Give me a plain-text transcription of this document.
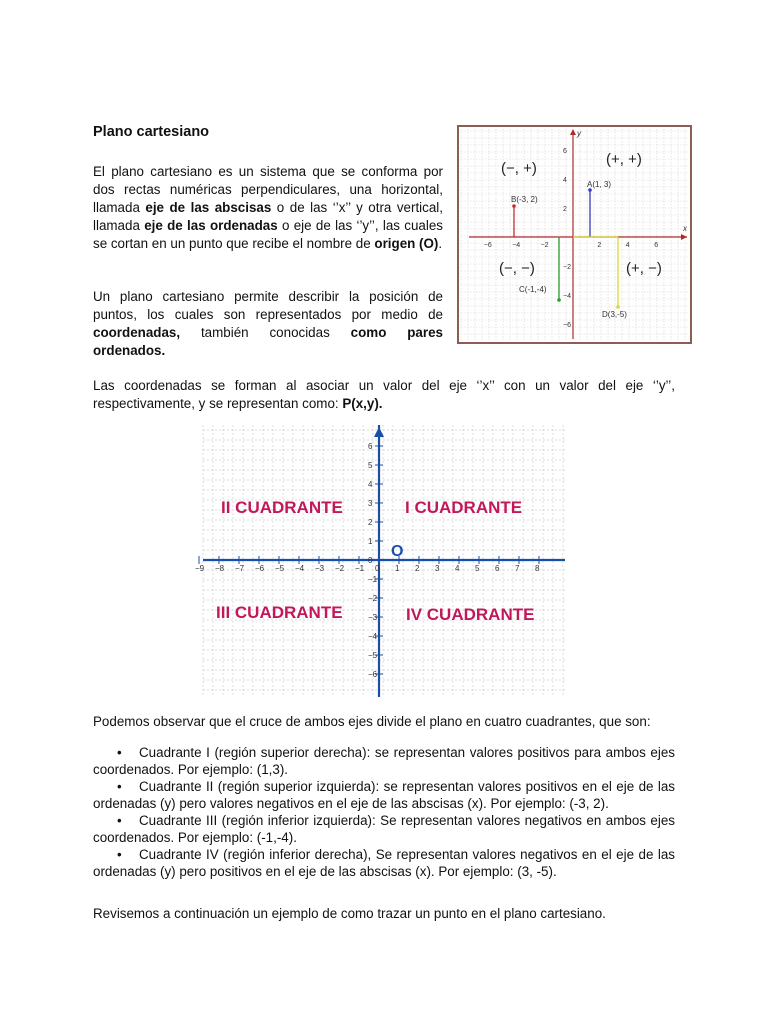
Plano cartesiano
El plano cartesiano es un sistema que se conforma por dos rectas numéricas perpendiculares, una horizontal, llamada eje de las abscisas o de las ‘’x’’ y otra vertical, llamada eje de las ordenadas o eje de las ‘’y’’, las cuales se cortan en un punto que recibe el nombre de origen (O).
Un plano cartesiano permite describir la posición de puntos, los cuales son representados por medio de coordenadas, también conocidas como pares ordenados.
x
y
−6	−4	−2	2	4	6
6
4
2
−2
−4
−6
B(-3, 2)
A(1, 3)
C(-1,-4)
D(3,-5)
(−, +)
(+, +)
(−, −)	(+, −)
Las coordenadas se forman al asociar un valor del eje ‘’x’’ con un valor del eje ‘’y’’, respectivamente, y se representan como: P(x,y).
−9 −8 −7 −6 −5 −4 −3 −2 −1 0 1 2 3 4 5 6 7 8
6
5
4
3
2
1
0
−1
−2
−3
−4
−5
−6
O
II CUADRANTE	I CUADRANTE
III CUADRANTE	IV CUADRANTE
Podemos observar que el cruce de ambos ejes divide el plano en cuatro cuadrantes, que son:
• Cuadrante I (región superior derecha): se representan valores positivos para ambos ejes coordenados. Por ejemplo: (1,3).
• Cuadrante II (región superior izquierda): se representan valores positivos en el eje de las ordenadas (y) pero valores negativos en el eje de las abscisas (x). Por ejemplo: (-3, 2).
• Cuadrante III (región inferior izquierda): Se representan valores negativos en ambos ejes coordenados. Por ejemplo: (-1,-4).
• Cuadrante IV (región inferior derecha), Se representan valores negativos en el eje de las ordenadas (y) pero positivos en el eje de las abscisas (x). Por ejemplo: (3, -5).
Revisemos a continuación un ejemplo de como trazar un punto en el plano cartesiano.
